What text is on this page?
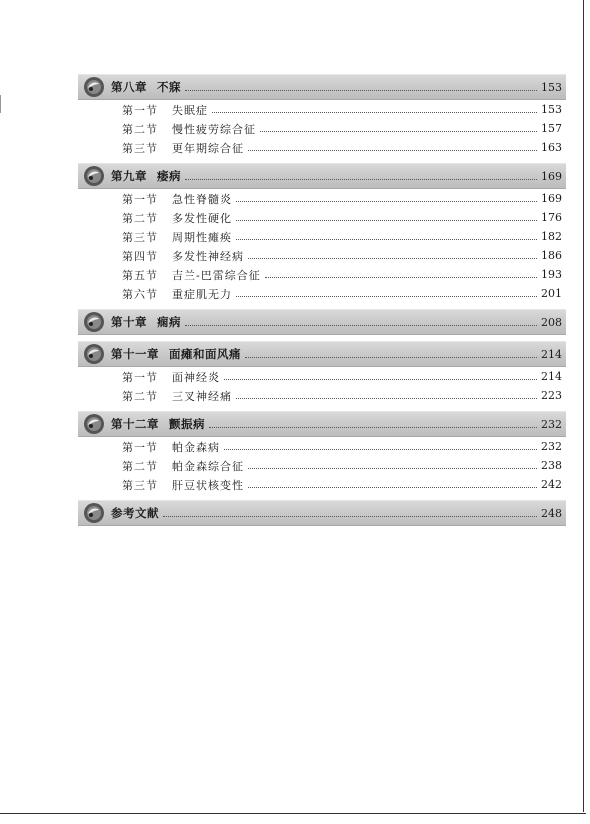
第八章 不寐	153
第一节	失眠症	153
第二节	慢性疲劳综合征	157
第三节	更年期综合征	163
第九章 痿病	169
第一节	急性脊髓炎	169
第二节	多发性硬化	176
第三节	周期性瘫痪	182
第四节	多发性神经病	186
第五节	吉兰-巴雷综合征	193
第六节	重症肌无力	201
第十章 痫病	208
第十一章 面瘫和面风痛	214
第一节	面神经炎	214
第二节	三叉神经痛	223
第十二章 颤振病	232
第一节	帕金森病	232
第二节	帕金森综合征	238
第三节	肝豆状核变性	242
参考文献	248
